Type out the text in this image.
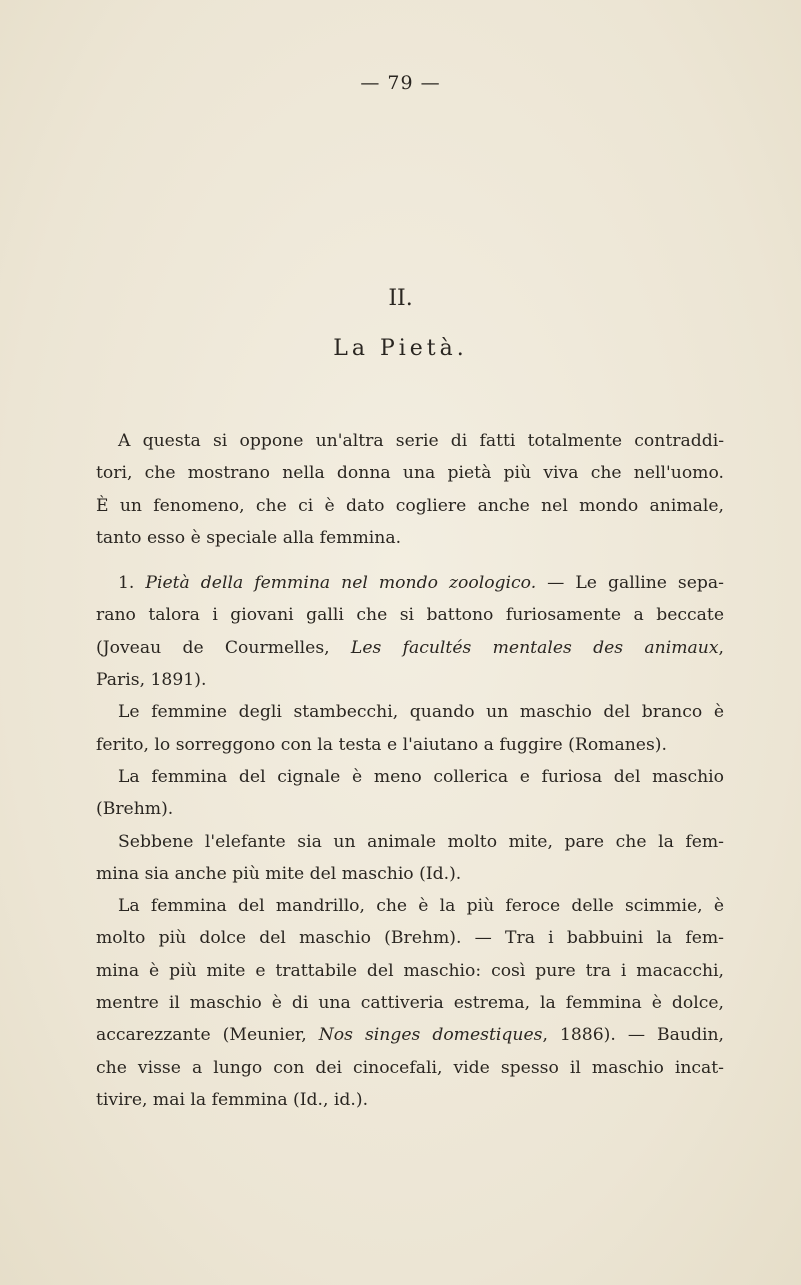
— 79 —
II.
La Pietà.
A questa si oppone un'altra serie di fatti totalmente contraddi-
tori, che mostrano nella donna una pietà più viva che nell'uomo.
È un fenomeno, che ci è dato cogliere anche nel mondo animale,
tanto esso è speciale alla femmina.
1. Pietà della femmina nel mondo zoologico. — Le galline sepa-
rano talora i giovani galli che si battono furiosamente a beccate
(Joveau de Courmelles, Les facultés mentales des animaux,
Paris, 1891).
Le femmine degli stambecchi, quando un maschio del branco è
ferito, lo sorreggono con la testa e l'aiutano a fuggire (Romanes).
La femmina del cignale è meno collerica e furiosa del maschio
(Brehm).
Sebbene l'elefante sia un animale molto mite, pare che la fem-
mina sia anche più mite del maschio (Id.).
La femmina del mandrillo, che è la più feroce delle scimmie, è
molto più dolce del maschio (Brehm). — Tra i babbuini la fem-
mina è più mite e trattabile del maschio: così pure tra i macacchi,
mentre il maschio è di una cattiveria estrema, la femmina è dolce,
accarezzante (Meunier, Nos singes domestiques, 1886). — Baudin,
che visse a lungo con dei cinocefali, vide spesso il maschio incat-
tivire, mai la femmina (Id., id.).
